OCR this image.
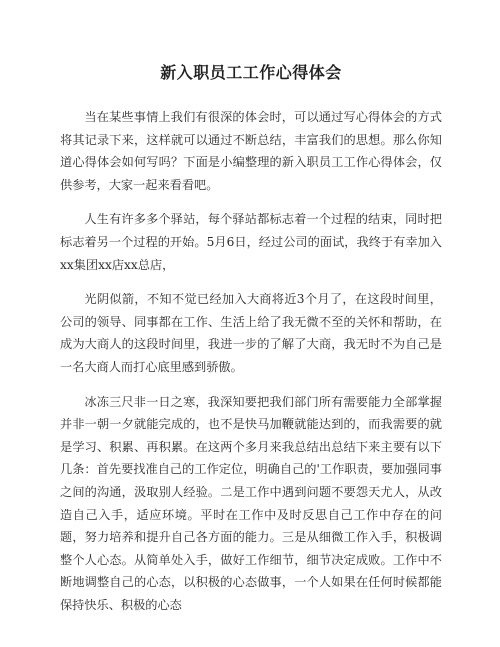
新入职员工工作心得体会

当在某些事情上我们有很深的体会时，可以通过写心得体会的方式将其记录下来，这样就可以通过不断总结，丰富我们的思想。那么你知道心得体会如何写吗？下面是小编整理的新入职员工工作心得体会，仅供参考，大家一起来看看吧。

人生有许多多个驿站，每个驿站都标志着一个过程的结束，同时把标志着另一个过程的开始。5月6日，经过公司的面试，我终于有幸加入xx集团xx店xx总店，

光阴似箭，不知不觉已经加入大商将近3个月了，在这段时间里，公司的领导、同事都在工作、生活上给了我无微不至的关怀和帮助，在成为大商人的这段时间里，我进一步的了解了大商，我无时不为自己是一名大商人而打心底里感到骄傲。

冰冻三尺非一日之寒，我深知要把我们部门所有需要能力全部掌握并非一朝一夕就能完成的，也不是快马加鞭就能达到的，而我需要的就是学习、积累、再积累。在这两个多月来我总结出总结下来主要有以下几条：首先要找准自己的工作定位，明确自己的'工作职责，要加强同事之间的沟通，汲取别人经验。二是工作中遇到问题不要怨天尤人，从改造自己入手，适应环境。平时在工作中及时反思自己工作中存在的问题，努力培养和提升自己各方面的能力。三是从细微工作入手，积极调整个人心态。从简单处入手，做好工作细节，细节决定成败。工作中不断地调整自己的心态，以积极的心态做事，一个人如果在任何时候都能保持快乐、积极的心态
